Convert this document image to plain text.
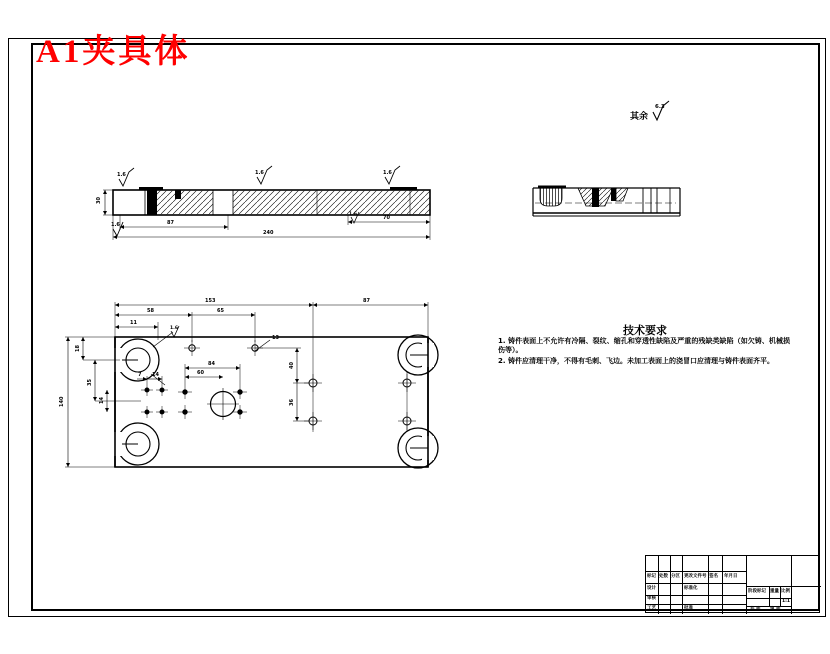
A1夹具体
其余
6.3
1.6	1.6	1.6
1.6
1.6
30
87
70
240
1.6
153	87
58	65
11
140
18
35
14
7 14
84
60
40
36
13
技术要求

1. 铸件表面上不允许有冷隔、裂纹、缩孔和穿透性缺陷及严重的残缺类缺陷（如欠铸、机械损伤等）。

2. 铸件应清理干净，不得有毛刺、飞边。未加工表面上的浇冒口应清理与铸件表面齐平。

标记 处数 分区 更改文件号 签名 年月日
设计	标准化
审核
工艺	批准
阶段标记 重量 比例
1:1
共 张 第 张
